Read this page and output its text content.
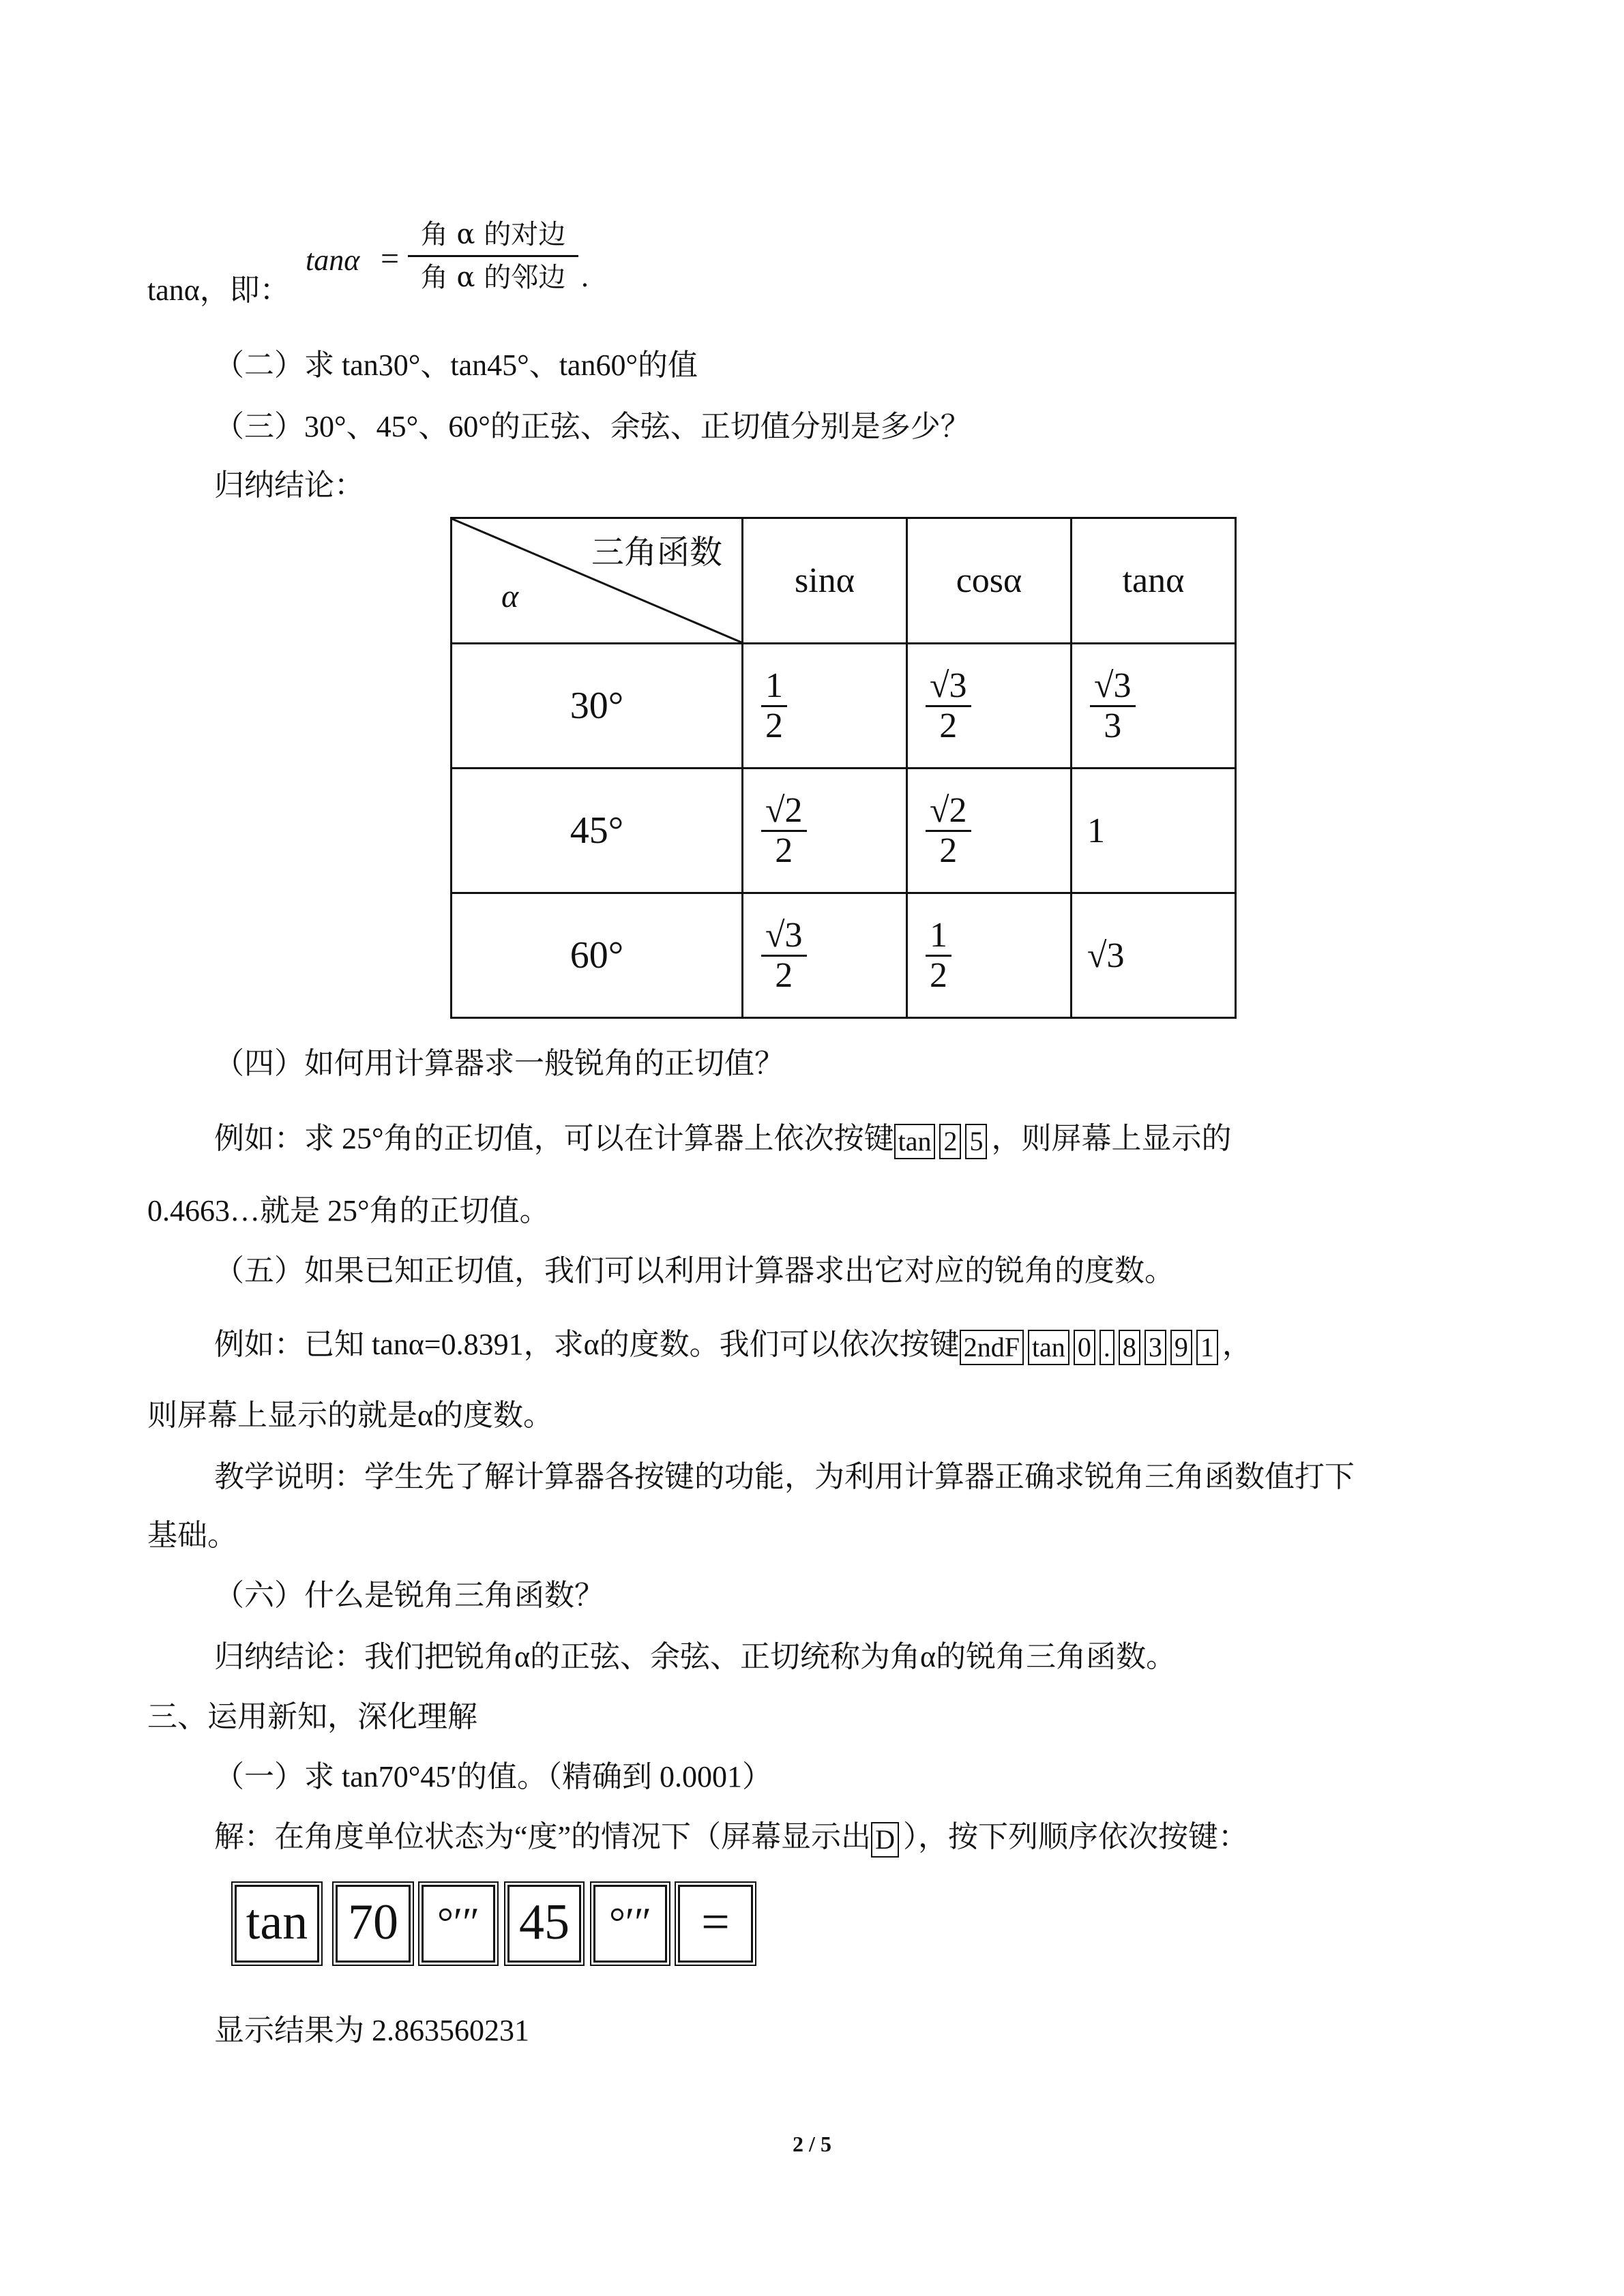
tanα，即：
tanα =
角 α 的对边
角 α 的邻边 .
（二）求 tan30°、tan45°、tan60°的值
（三）30°、45°、60°的正弦、余弦、正切值分别是多少？
归纳结论：
三角函数
α	sinα	cosα	tanα
30°	$\frac{1}{2}$	$\frac{√3}{2}$	$\frac{√3}{3}$

45°	$\frac{√2}{2}$	$\frac{√2}{2}$	1
60°	$\frac{√3}{2}$	$\frac{1}{2}$	√3
（四）如何用计算器求一般锐角的正切值？
例如：求 25°角的正切值，可以在计算器上依次按键 tan 2 5 ，则屏幕上显示的
0.4663…就是 25°角的正切值。
（五）如果已知正切值，我们可以利用计算器求出它对应的锐角的度数。
例如：已知 tanα=0.8391，求α的度数。我们可以依次按键 2ndF tan 0 . 8 3 9 1 ，
则屏幕上显示的就是α的度数。
教学说明：学生先了解计算器各按键的功能，为利用计算器正确求锐角三角函数值打下
基础。
（六）什么是锐角三角函数？
归纳结论：我们把锐角α的正弦、余弦、正切统称为角α的锐角三角函数。
三、运用新知，深化理解
（一）求 tan70°45′的值。（精确到 0.0001）
解：在角度单位状态为“度”的情况下（屏幕显示出 D ），按下列顺序依次按键：
tan 70 °′″ 45 °′″ =
显示结果为 2.863560231
2 / 5
